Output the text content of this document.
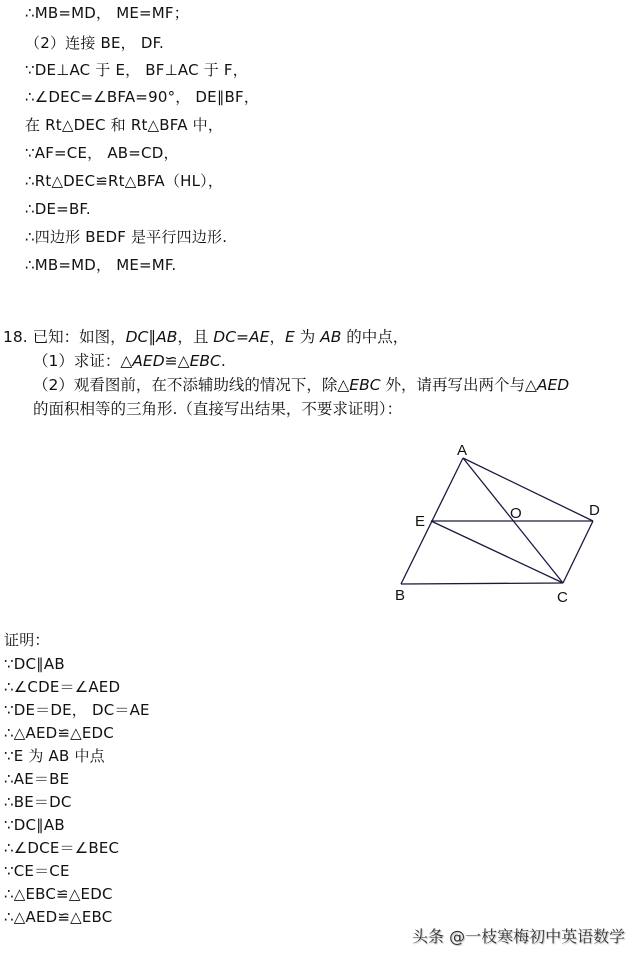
∴MB=MD， ME=MF；
（2）连接 BE， DF.
∵DE⊥AC 于 E， BF⊥AC 于 F，
∴∠DEC=∠BFA=90°， DE∥BF，
在 Rt△DEC 和 Rt△BFA 中，
∵AF=CE， AB=CD，
∴Rt△DEC≌Rt△BFA（HL），
∴DE=BF.
∴四边形 BEDF 是平行四边形.
∴MB=MD， ME=MF.
18. 已知：如图，DC∥AB，且 DC=AE，E 为 AB 的中点，
（1）求证：△AED≌△EBC.
（2）观看图前，在不添辅助线的情况下，除△EBC 外，请再写出两个与△AED
的面积相等的三角形.（直接写出结果，不要求证明）：
A
B	C
D
E	O
证明：
∵DC∥AB
∴∠CDE＝∠AED
∵DE＝DE， DC＝AE
∴△AED≌△EDC
∵E 为 AB 中点
∴AE＝BE
∴BE＝DC
∵DC∥AB
∴∠DCE＝∠BEC
∵CE＝CE
∴△EBC≌△EDC
∴△AED≌△EBC
头条 @一枝寒梅初中英语数学
